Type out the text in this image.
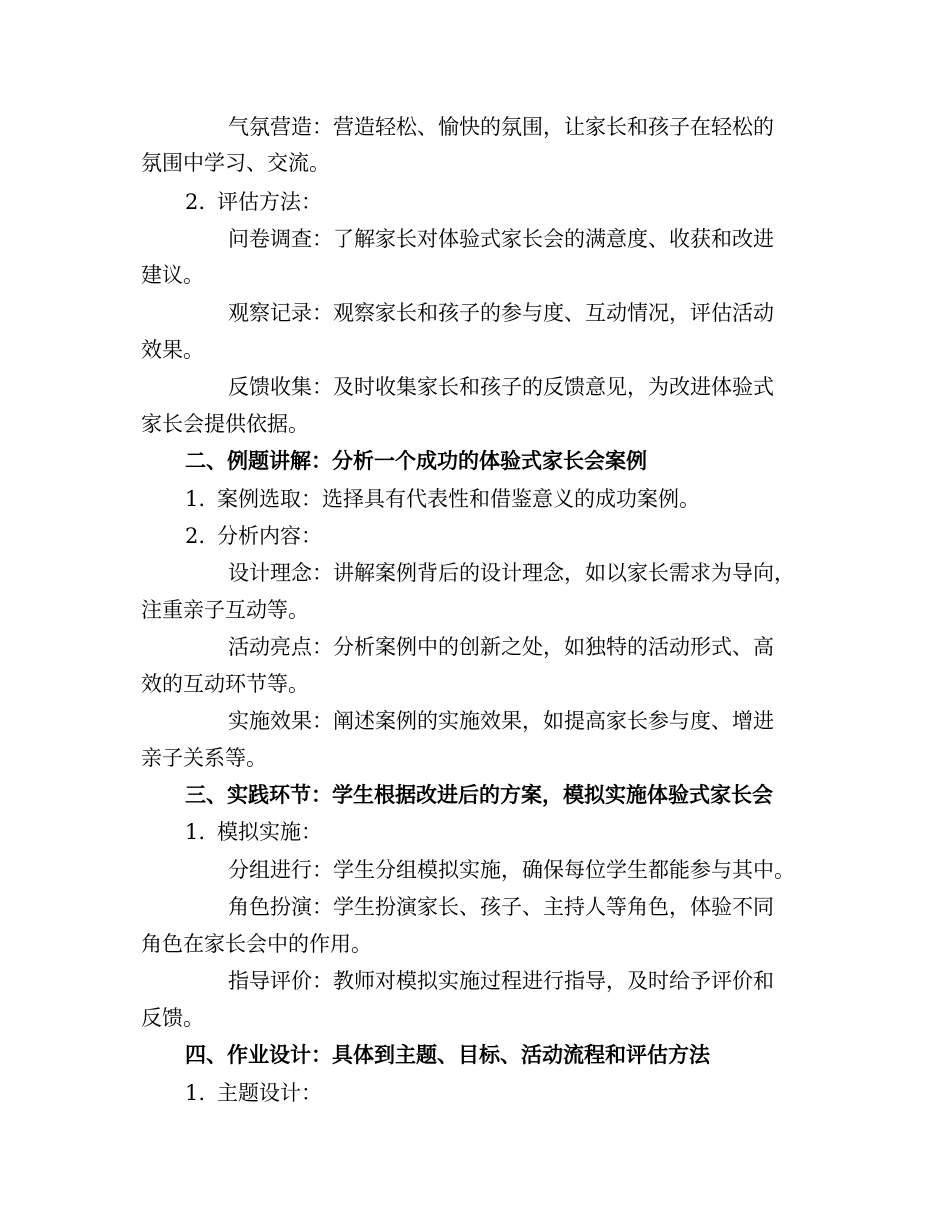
气氛营造：营造轻松、愉快的氛围，让家长和孩子在轻松的
氛围中学习、交流。
2. 评估方法：
问卷调查：了解家长对体验式家长会的满意度、收获和改进
建议。
观察记录：观察家长和孩子的参与度、互动情况，评估活动
效果。
反馈收集：及时收集家长和孩子的反馈意见，为改进体验式
家长会提供依据。
二、例题讲解：分析一个成功的体验式家长会案例
1. 案例选取：选择具有代表性和借鉴意义的成功案例。
2. 分析内容：
设计理念：讲解案例背后的设计理念，如以家长需求为导向，
注重亲子互动等。
活动亮点：分析案例中的创新之处，如独特的活动形式、高
效的互动环节等。
实施效果：阐述案例的实施效果，如提高家长参与度、增进
亲子关系等。
三、实践环节：学生根据改进后的方案，模拟实施体验式家长会
1. 模拟实施：
分组进行：学生分组模拟实施，确保每位学生都能参与其中。
角色扮演：学生扮演家长、孩子、主持人等角色，体验不同
角色在家长会中的作用。
指导评价：教师对模拟实施过程进行指导，及时给予评价和
反馈。
四、作业设计：具体到主题、目标、活动流程和评估方法
1. 主题设计：
